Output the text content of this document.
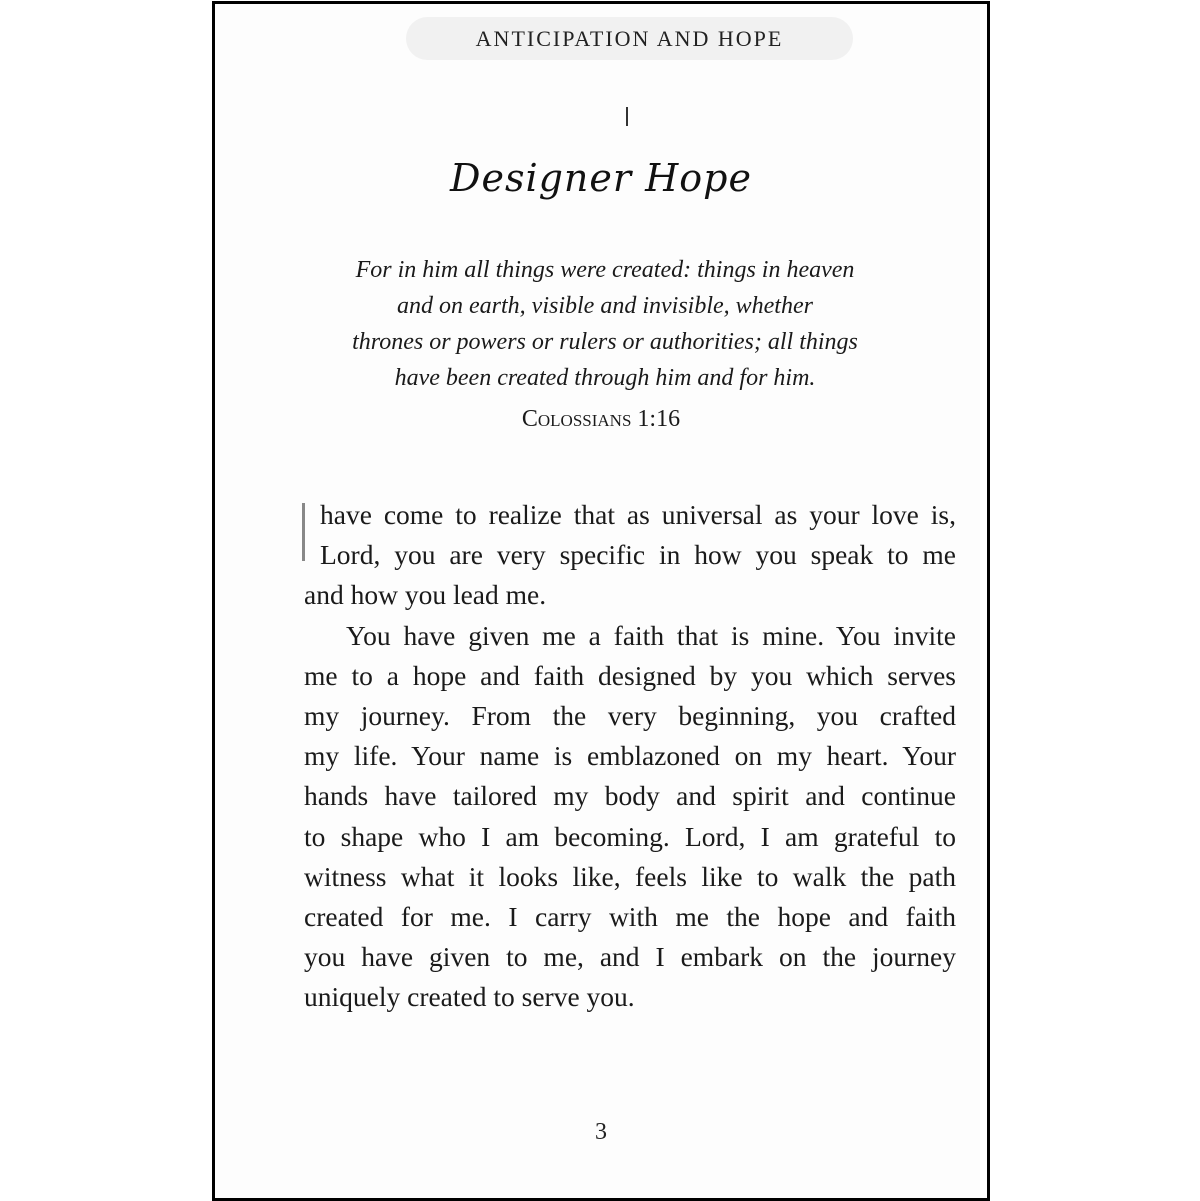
ANTICIPATION AND HOPE
Designer Hope
For in him all things were created: things in heaven
and on earth, visible and invisible, whether
thrones or powers or rulers or authorities; all things
have been created through him and for him.
Colossians 1:16
have come to realize that as universal as your love is,
Lord, you are very specific in how you speak to me
and how you lead me.
You have given me a faith that is mine. You invite
me to a hope and faith designed by you which serves
my journey. From the very beginning, you crafted
my life. Your name is emblazoned on my heart. Your
hands have tailored my body and spirit and continue
to shape who I am becoming. Lord, I am grateful to
witness what it looks like, feels like to walk the path
created for me. I carry with me the hope and faith
you have given to me, and I embark on the journey
uniquely created to serve you.
3
